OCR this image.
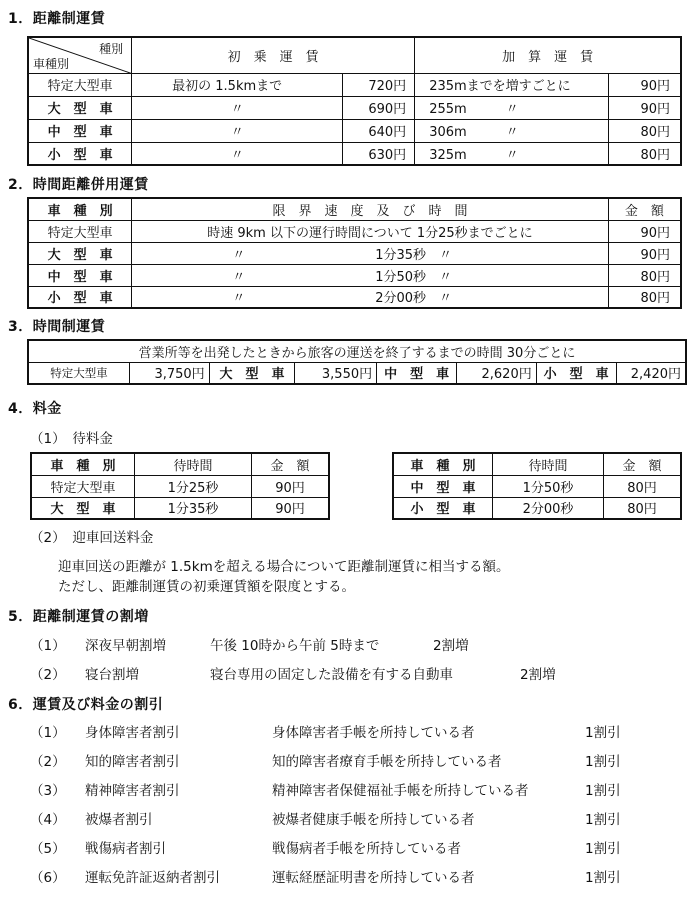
1．距離制運賃
種別
車種別	初　乗　運　賃		加　算　運　賃	
特定大型車	最初の 1.5kmまで	720円	235mまでを増すごとに	90円
大　型　車	〃	690円	255m　　　〃	90円
中　型　車	〃	640円	306m　　　〃	80円
小　型　車	〃	630円	325m　　　〃	80円
2．時間距離併用運賃
車　種　別	限　界　速　度　及　び　時　間	金　額
特定大型車	時速 9km 以下の運行時間について 1分25秒までごとに	90円
大　型　車	〃　　　　　　　　　　1分35秒　〃	90円
中　型　車	〃　　　　　　　　　　1分50秒　〃	80円
小　型　車	〃　　　　　　　　　　2分00秒　〃	80円
3．時間制運賃
営業所等を出発したときから旅客の運送を終了するまでの時間 30分ごとに
特定大型車	3,750円	大　型　車	3,550円	中　型　車	2,620円	小　型　車	2,420円
4．料金
（1）　待料金
車　種　別	待時間	金　額
特定大型車	1分25秒	90円
大　型　車	1分35秒	90円
車　種　別	待時間	金　額
中　型　車	1分50秒	80円
小　型　車	2分00秒	80円
（2）　迎車回送料金
迎車回送の距離が 1.5kmを超える場合について距離制運賃に相当する額。
ただし、距離制運賃の初乗運賃額を限度とする。
5．距離制運賃の割増
（1） 深夜早朝割増	午後 10時から午前 5時まで	2割増
（2） 寝台割増	寝台専用の固定した設備を有する自動車	2割増
6．運賃及び料金の割引
（1） 身体障害者割引	身体障害者手帳を所持している者	1割引
（2） 知的障害者割引	知的障害者療育手帳を所持している者	1割引
（3） 精神障害者割引	精神障害者保健福祉手帳を所持している者	1割引
（4） 被爆者割引	被爆者健康手帳を所持している者	1割引
（5） 戦傷病者割引	戦傷病者手帳を所持している者	1割引
（6） 運転免許証返納者割引	運転経歴証明書を所持している者	1割引
